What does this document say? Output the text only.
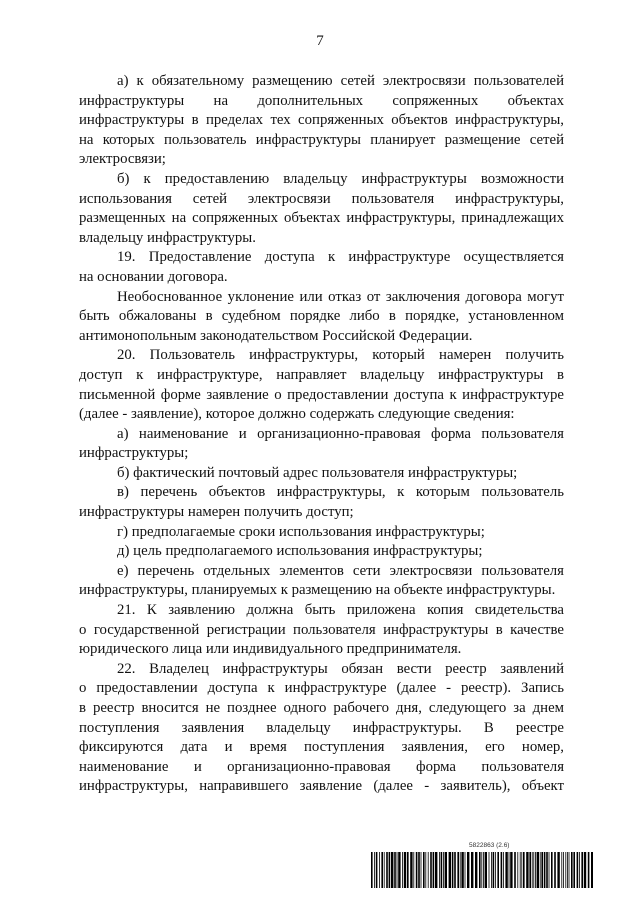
7
а) к обязательному размещению сетей электросвязи пользователей
инфраструктуры на дополнительных сопряженных объектах
инфраструктуры в пределах тех сопряженных объектов инфраструктуры,
на которых пользователь инфраструктуры планирует размещение сетей
электросвязи;
б) к предоставлению владельцу инфраструктуры возможности
использования сетей электросвязи пользователя инфраструктуры,
размещенных на сопряженных объектах инфраструктуры, принадлежащих
владельцу инфраструктуры.
19. Предоставление доступа к инфраструктуре осуществляется
на основании договора.
Необоснованное уклонение или отказ от заключения договора могут
быть обжалованы в судебном порядке либо в порядке, установленном
антимонопольным законодательством Российской Федерации.
20. Пользователь инфраструктуры, который намерен получить
доступ к инфраструктуре, направляет владельцу инфраструктуры в
письменной форме заявление о предоставлении доступа к инфраструктуре
(далее - заявление), которое должно содержать следующие сведения:
а) наименование и организационно-правовая форма пользователя
инфраструктуры;
б) фактический почтовый адрес пользователя инфраструктуры;
в) перечень объектов инфраструктуры, к которым пользователь
инфраструктуры намерен получить доступ;
г) предполагаемые сроки использования инфраструктуры;
д) цель предполагаемого использования инфраструктуры;
е) перечень отдельных элементов сети электросвязи пользователя
инфраструктуры, планируемых к размещению на объекте инфраструктуры.
21. К заявлению должна быть приложена копия свидетельства
о государственной регистрации пользователя инфраструктуры в качестве
юридического лица или индивидуального предпринимателя.
22. Владелец инфраструктуры обязан вести реестр заявлений
о предоставлении доступа к инфраструктуре (далее - реестр). Запись
в реестр вносится не позднее одного рабочего дня, следующего за днем
поступления заявления владельцу инфраструктуры. В реестре
фиксируются дата и время поступления заявления, его номер,
наименование и организационно-правовая форма пользователя
инфраструктуры, направившего заявление (далее - заявитель), объект
5822863 (2.6)
